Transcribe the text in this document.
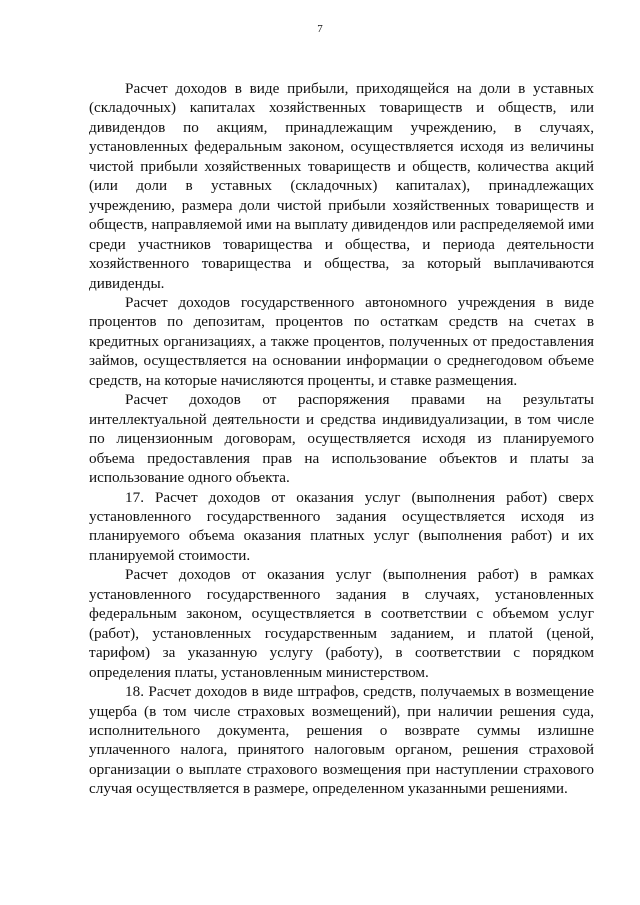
7

Расчет доходов в виде прибыли, приходящейся на доли в уставных (складочных) капиталах хозяйственных товариществ и обществ, или дивидендов по акциям, принадлежащим учреждению, в случаях, установленных федеральным законом, осуществляется исходя из величины чистой прибыли хозяйственных товариществ и обществ, количества акций (или доли в уставных (складочных) капиталах), принадлежащих учреждению, размера доли чистой прибыли хозяйственных товариществ и обществ, направляемой ими на выплату дивидендов или распределяемой ими среди участников товарищества и общества, и периода деятельности хозяйственного товарищества и общества, за который выплачиваются дивиденды.

Расчет доходов государственного автономного учреждения в виде процентов по депозитам, процентов по остаткам средств на счетах в кредитных организациях, а также процентов, полученных от предоставления займов, осуществляется на основании информации о среднегодовом объеме средств, на которые начисляются проценты, и ставке размещения.

Расчет доходов от распоряжения правами на результаты интеллектуальной деятельности и средства индивидуализации, в том числе по лицензионным договорам, осуществляется исходя из планируемого объема предоставления прав на использование объектов и платы за использование одного объекта.

17. Расчет доходов от оказания услуг (выполнения работ) сверх установленного государственного задания осуществляется исходя из планируемого объема оказания платных услуг (выполнения работ) и их планируемой стоимости.

Расчет доходов от оказания услуг (выполнения работ) в рамках установленного государственного задания в случаях, установленных федеральным законом, осуществляется в соответствии с объемом услуг (работ), установленных государственным заданием, и платой (ценой, тарифом) за указанную услугу (работу), в соответствии с порядком определения платы, установленным министерством.

18. Расчет доходов в виде штрафов, средств, получаемых в возмещение ущерба (в том числе страховых возмещений), при наличии решения суда, исполнительного документа, решения о возврате суммы излишне уплаченного налога, принятого налоговым органом, решения страховой организации о выплате страхового возмещения при наступлении страхового случая осуществляется в размере, определенном указанными решениями.
